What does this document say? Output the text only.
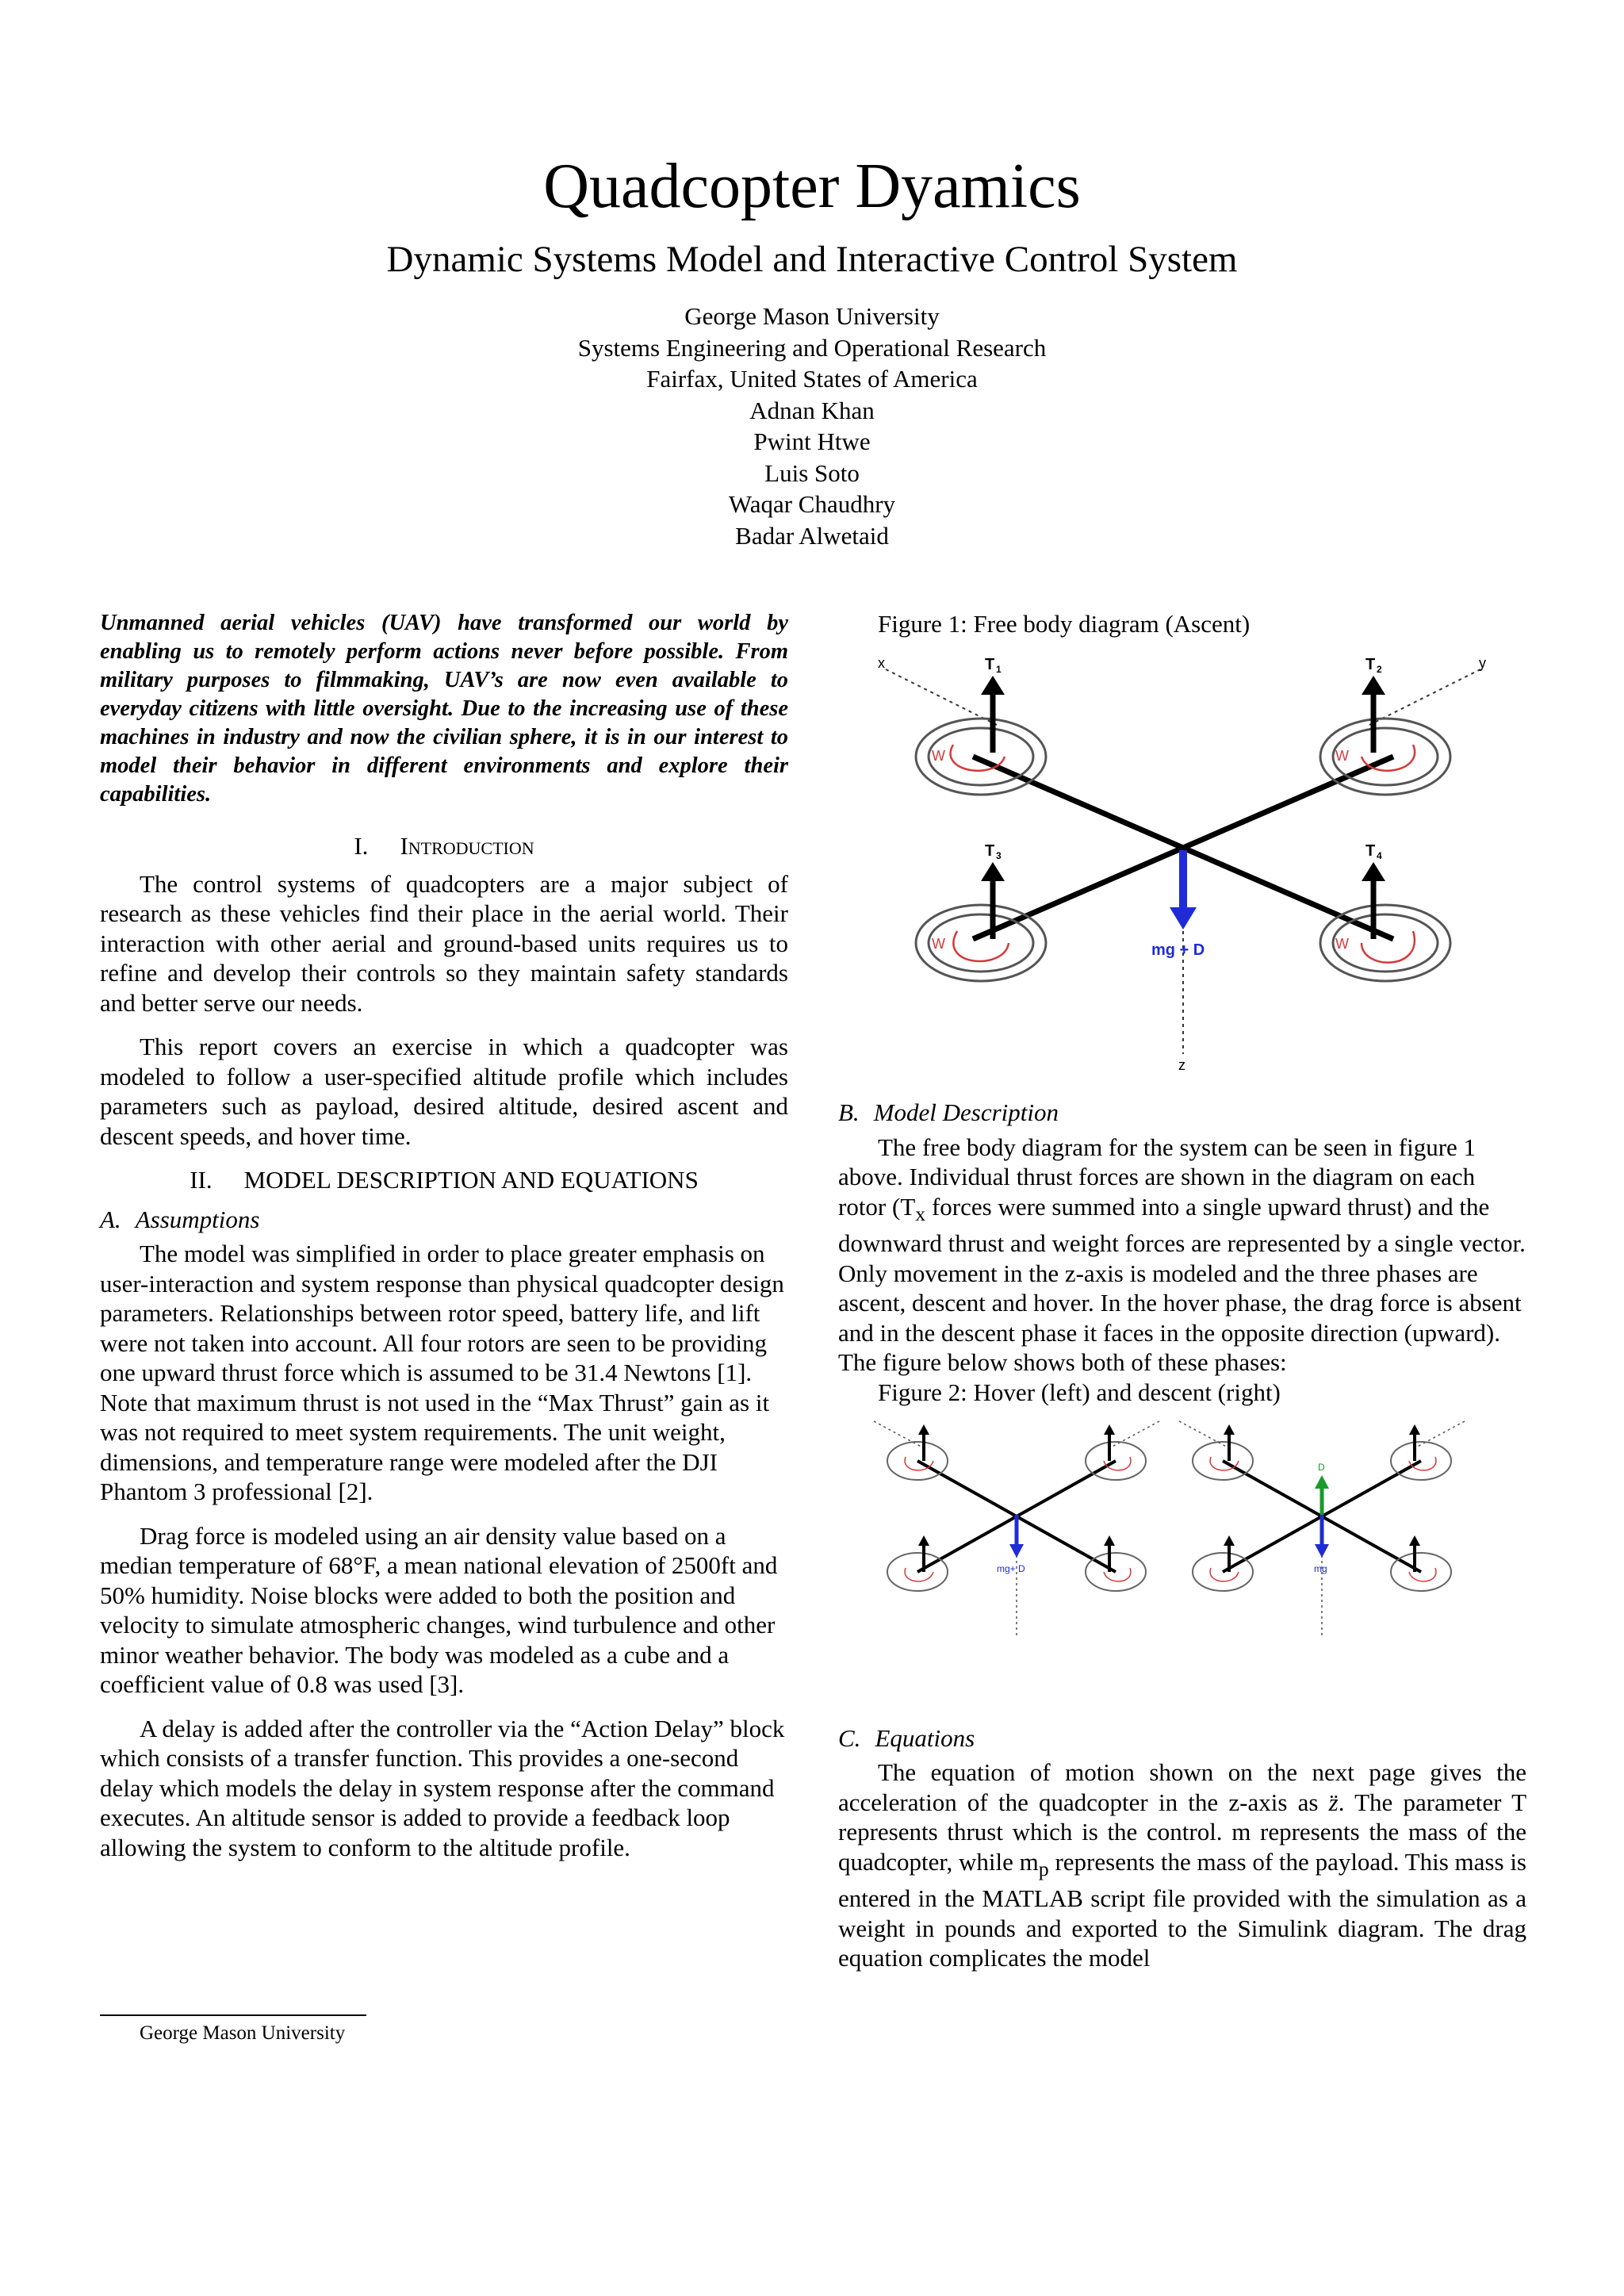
Quadcopter Dyamics
Dynamic Systems Model and Interactive Control System

George Mason University

Systems Engineering and Operational Research

Fairfax, United States of America

Adnan Khan

Pwint Htwe

Luis Soto

Waqar Chaudhry

Badar Alwetaid

Unmanned aerial vehicles (UAV) have transformed our world by enabling us to remotely perform actions never before possible. From military purposes to filmmaking, UAV’s are now even available to everyday citizens with little oversight. Due to the increasing use of these machines in industry and now the civilian sphere, it is in our interest to model their behavior in different environments and explore their capabilities.

I. Introduction

The control systems of quadcopters are a major subject of research as these vehicles find their place in the aerial world. Their interaction with other aerial and ground-based units requires us to refine and develop their controls so they maintain safety standards and better serve our needs.

This report covers an exercise in which a quadcopter was modeled to follow a user-specified altitude profile which includes parameters such as payload, desired altitude, desired ascent and descent speeds, and hover time.

II. MODEL DESCRIPTION AND EQUATIONS
A. Assumptions

The model was simplified in order to place greater emphasis on user-interaction and system response than physical quadcopter design parameters. Relationships between rotor speed, battery life, and lift were not taken into account. All four rotors are seen to be providing one upward thrust force which is assumed to be 31.4 Newtons [1]. Note that maximum thrust is not used in the “Max Thrust” gain as it was not required to meet system requirements. The unit weight, dimensions, and temperature range were modeled after the DJI Phantom 3 professional [2].

Drag force is modeled using an air density value based on a median temperature of 68°F, a mean national elevation of 2500ft and 50% humidity. Noise blocks were added to both the position and velocity to simulate atmospheric changes, wind turbulence and other minor weather behavior. The body was modeled as a cube and a coefficient value of 0.8 was used [3].

A delay is added after the controller via the “Action Delay” block which consists of a transfer function. This provides a one-second delay which models the delay in system response after the command executes. An altitude sensor is added to provide a feedback loop allowing the system to conform to the altitude profile.

Figure 1: Free body diagram (Ascent)

x	y
z
W	W
W	W
T 1	T 2
T 3	T 4
mg + D
B. Model Description

The free body diagram for the system can be seen in figure 1 above. Individual thrust forces are shown in the diagram on each rotor ($T_x$ forces were summed into a single upward thrust) and the downward thrust and weight forces are represented by a single vector. Only movement in the z-axis is modeled and the three phases are ascent, descent and hover. In the hover phase, the drag force is absent and in the descent phase it faces in the opposite direction (upward). The figure below shows both of these phases:

Figure 2: Hover (left) and descent (right)

mg+ D
D
mg
C. Equations

The equation of motion shown on the next page gives the acceleration of the quadcopter in the z-axis as z̈. The parameter T represents thrust which is the control. m represents the mass of the quadcopter, while $m_p$ represents the mass of the payload. This mass is entered in the MATLAB script file provided with the simulation as a weight in pounds and exported to the Simulink diagram. The drag equation complicates the model

George Mason University
